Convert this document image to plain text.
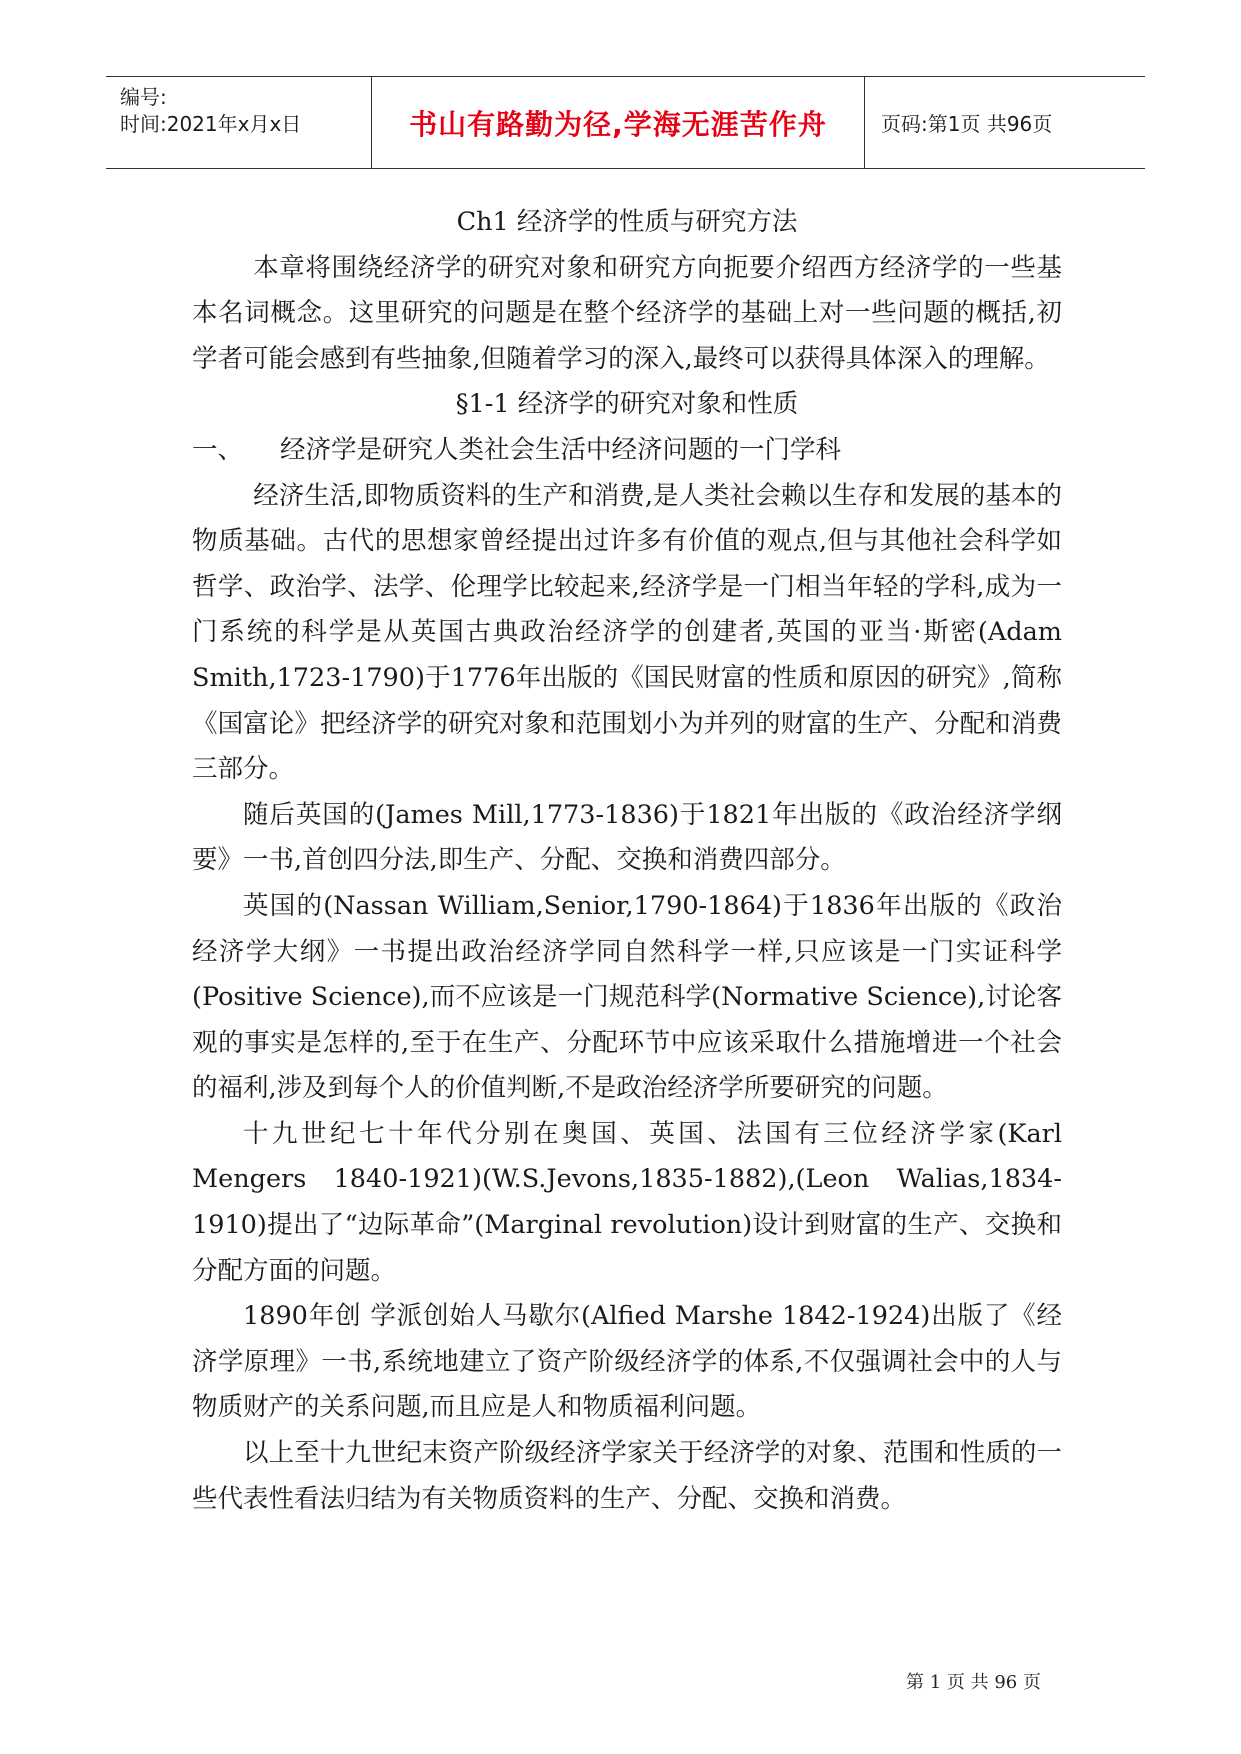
编号:
时间:2021年x月x日	书山有路勤为径,学海无涯苦作舟	页码:第1页 共96页

Ch1 经济学的性质与研究方法

本章将围绕经济学的研究对象和研究方向扼要介绍西方经济学的一些基本名词概念。这里研究的问题是在整个经济学的基础上对一些问题的概括,初学者可能会感到有些抽象,但随着学习的深入,最终可以获得具体深入的理解。

§1-1 经济学的研究对象和性质

一、	经济学是研究人类社会生活中经济问题的一门学科

经济生活,即物质资料的生产和消费,是人类社会赖以生存和发展的基本的物质基础。古代的思想家曾经提出过许多有价值的观点,但与其他社会科学如哲学、政治学、法学、伦理学比较起来,经济学是一门相当年轻的学科,成为一门系统的科学是从英国古典政治经济学的创建者,英国的亚当·斯密(Adam Smith,1723-1790)于1776年出版的《国民财富的性质和原因的研究》,简称《国富论》把经济学的研究对象和范围划小为并列的财富的生产、分配和消费三部分。

随后英国的(James Mill,1773-1836)于1821年出版的《政治经济学纲要》一书,首创四分法,即生产、分配、交换和消费四部分。

英国的(Nassan William,Senior,1790-1864)于1836年出版的《政治经济学大纲》一书提出政治经济学同自然科学一样,只应该是一门实证科学(Positive Science),而不应该是一门规范科学(Normative Science),讨论客观的事实是怎样的,至于在生产、分配环节中应该采取什么措施增进一个社会的福利,涉及到每个人的价值判断,不是政治经济学所要研究的问题。

十九世纪七十年代分别在奥国、英国、法国有三位经济学家(Karl Mengers 1840-1921)(W.S.Jevons,1835-1882),(Leon Walias,1834-1910)提出了“边际革命”(Marginal revolution)设计到财富的生产、交换和分配方面的问题。

1890年创 学派创始人马歇尔(Alfied Marshe 1842-1924)出版了《经济学原理》一书,系统地建立了资产阶级经济学的体系,不仅强调社会中的人与物质财产的关系问题,而且应是人和物质福利问题。

以上至十九世纪末资产阶级经济学家关于经济学的对象、范围和性质的一些代表性看法归结为有关物质资料的生产、分配、交换和消费。

第 1 页 共 96 页
